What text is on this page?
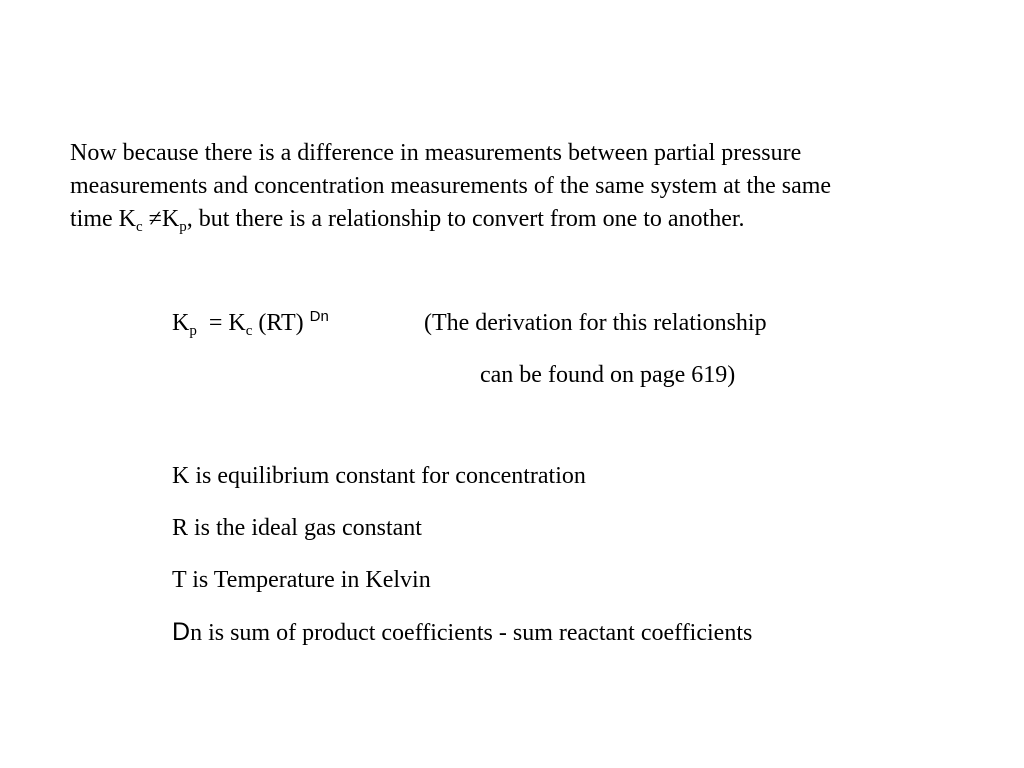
Now because there is a difference in measurements between partial pressure
measurements and concentration measurements of the same system at the same
time $K_c \ne K_p$, but there is a relationship to convert from one to another.

$K_p = K_c$ (RT) $^{Dn}$	(The derivation for this relationship
can be found on page 619)
K is equilibrium constant for concentration
R is the ideal gas constant
T is Temperature in Kelvin
Dn is sum of product coefficients - sum reactant coefficients
